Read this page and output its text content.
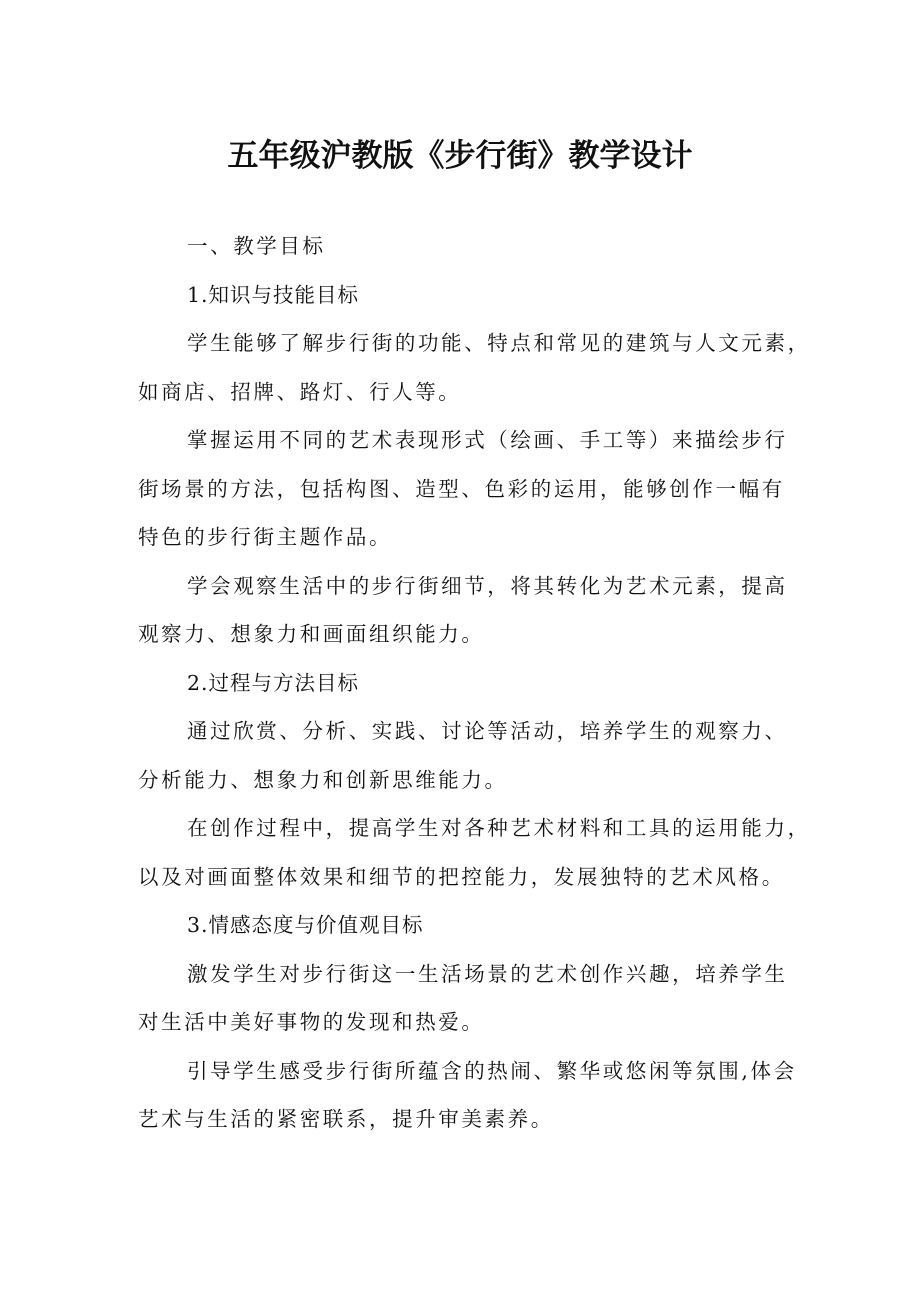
五年级沪教版《步行街》教学设计

一、教学目标

1.知识与技能目标

学生能够了解步行街的功能、特点和常见的建筑与人文元素，

如商店、招牌、路灯、行人等。

掌握运用不同的艺术表现形式（绘画、手工等）来描绘步行

街场景的方法，包括构图、造型、色彩的运用，能够创作一幅有

特色的步行街主题作品。

学会观察生活中的步行街细节，将其转化为艺术元素，提高

观察力、想象力和画面组织能力。

2.过程与方法目标

通过欣赏、分析、实践、讨论等活动，培养学生的观察力、

分析能力、想象力和创新思维能力。

在创作过程中，提高学生对各种艺术材料和工具的运用能力，

以及对画面整体效果和细节的把控能力，发展独特的艺术风格。

3.情感态度与价值观目标

激发学生对步行街这一生活场景的艺术创作兴趣，培养学生

对生活中美好事物的发现和热爱。

引导学生感受步行街所蕴含的热闹、繁华或悠闲等氛围,体会

艺术与生活的紧密联系，提升审美素养。
